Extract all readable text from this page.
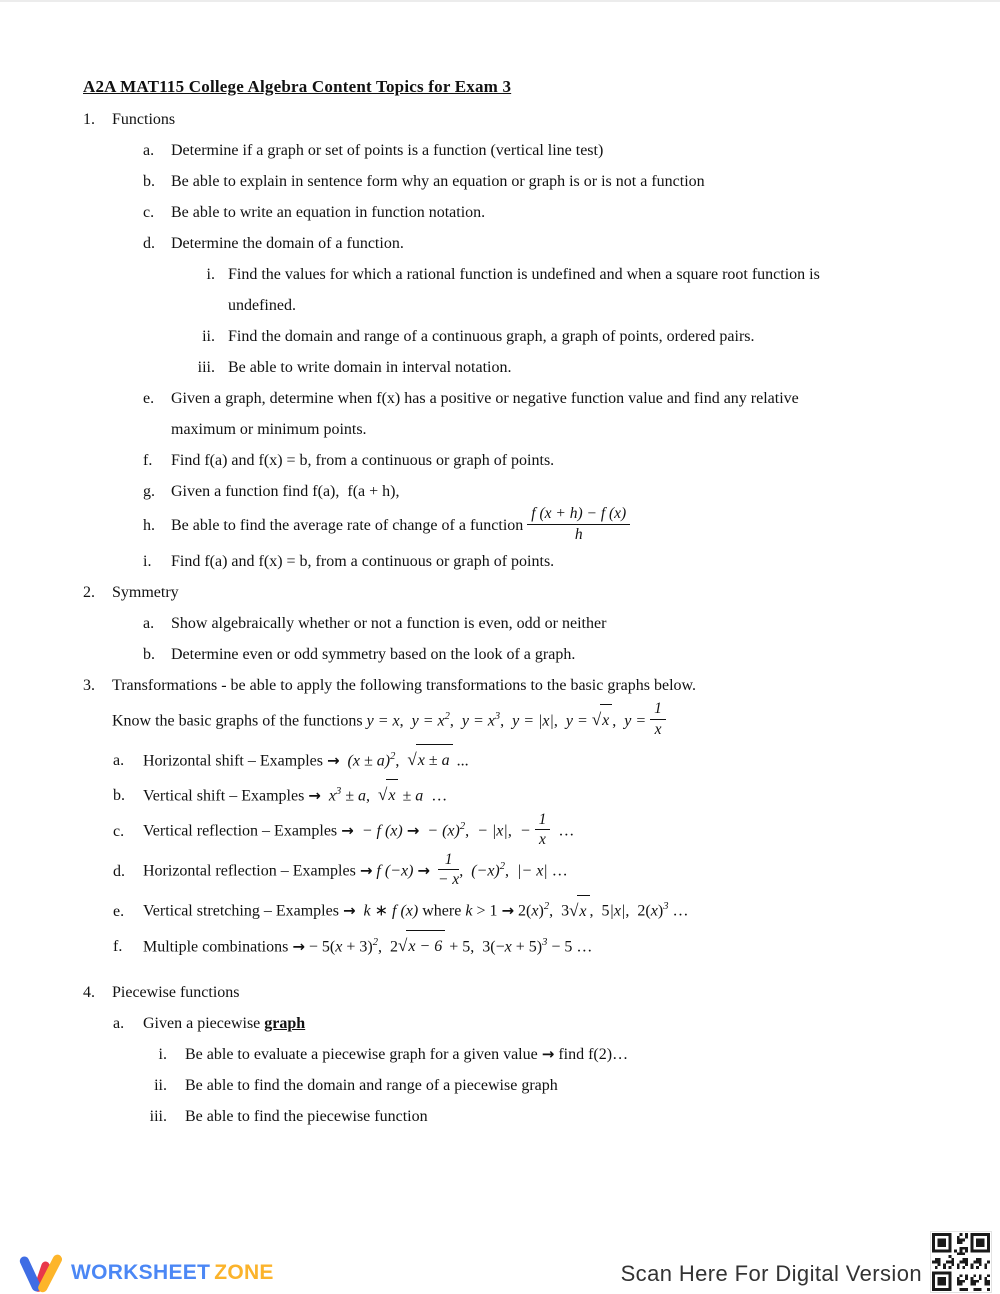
A2A MAT115 College Algebra Content Topics for Exam 3
1. Functions
a. Determine if a graph or set of points is a function (vertical line test)
b. Be able to explain in sentence form why an equation or graph is or is not a function
c. Be able to write an equation in function notation.
d. Determine the domain of a function.
i. Find the values for which a rational function is undefined and when a square root function is
undefined.
ii. Find the domain and range of a continuous graph, a graph of points, ordered pairs.
iii. Be able to write domain in interval notation.
e. Given a graph, determine when f(x) has a positive or negative function value and find any relative
maximum or minimum points.
f. Find f(a) and f(x) = b, from a continuous or graph of points.
g. Given a function find f(a),  f(a + h),
h. Be able to find the average rate of change of a function $\frac{f (x + h) - f (x)}{h}$
i. Find f(a) and f(x) = b, from a continuous or graph of points.
2. Symmetry
a. Show algebraically whether or not a function is even, odd or neither
b. Determine even or odd symmetry based on the look of a graph.
3. Transformations - be able to apply the following transformations to the basic graphs below.
Know the basic graphs of the functions y = x,  $y = x^2$,  $y = x^3$,  y = |x|,  y = √x ,  $y = \frac{1}{x}$
a. Horizontal shift – Examples → $(x \pm a)^2$,  √x ± a ...
b. Vertical shift – Examples → $x^3 \pm a$,  √x ± a  …
c. Vertical reflection – Examples → − f (x) → − $(x)^2$,  − |x|,  − $\frac{1}{x}$ …
d. Horizontal reflection – Examples → f $(-x) \to \frac{1}{- x}$ ,  $(-x)^2$,  |− x| …
e. Vertical stretching – Examples → k ∗ f (x) where $k > 1 \to 2(x)^2$,  3√x ,  5|x|,  $2(x)^3$ …
f. Multiple combinations → − $5(x + 3)^2$,  2√x − 6 + 5,  $3(-x + 5)^3 - 5$ …
4. Piecewise functions
a. Given a piecewise graph
i. Be able to evaluate a piecewise graph for a given value → find f(2)…
ii. Be able to find the domain and range of a piecewise graph
iii. Be able to find the piecewise function
WORKSHEET ZONE	Scan Here For Digital Version
